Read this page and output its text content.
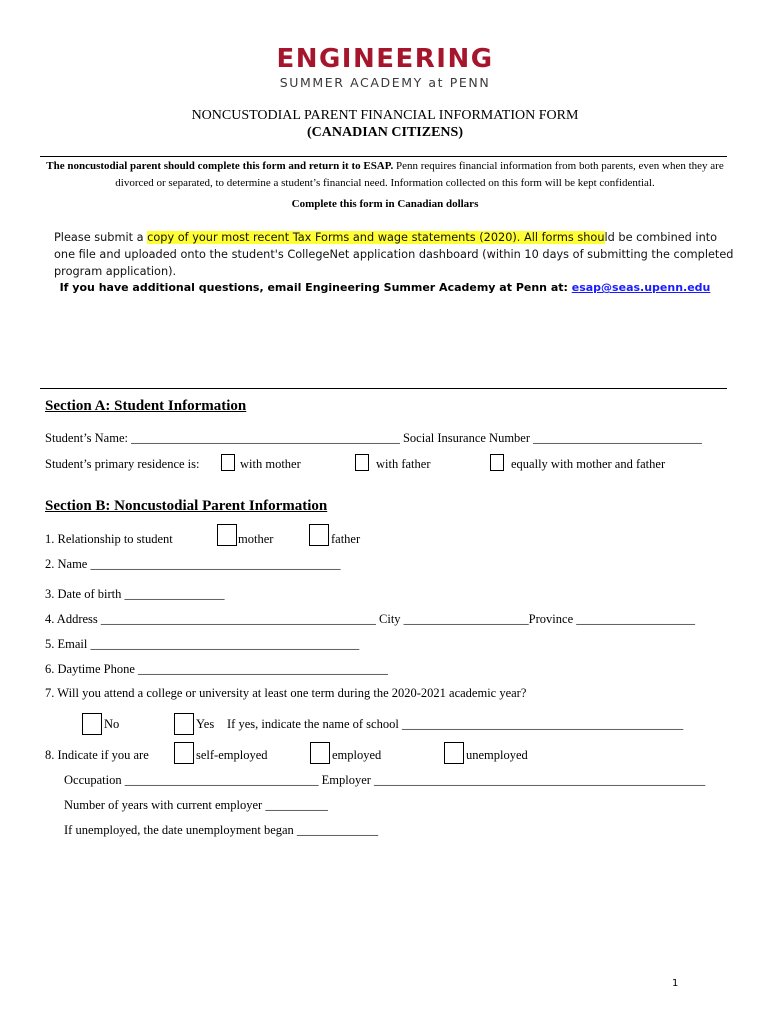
ENGINEERING
SUMMER ACADEMY at PENN
NONCUSTODIAL PARENT FINANCIAL INFORMATION FORM
(CANADIAN CITIZENS)
The noncustodial parent should complete this form and return it to ESAP. Penn requires financial information from both parents, even when they are divorced or separated, to determine a student’s financial need. Information collected on this form will be kept confidential.
Complete this form in Canadian dollars
Please submit a copy of your most recent Tax Forms and wage statements (2020). All forms should be combined into one file and uploaded onto the student's CollegeNet application dashboard (within 10 days of submitting the completed program application).
If you have additional questions, email Engineering Summer Academy at Penn at: esap@seas.upenn.edu
Section A: Student Information
Student’s Name: ___________________________________________ Social Insurance Number ___________________________
Student’s primary residence is:	with mother	with father	equally with mother and father
Section B: Noncustodial Parent Information
1. Relationship to student	mother	father
2. Name ________________________________________
3. Date of birth ________________
4. Address ____________________________________________ City ____________________Province ___________________
5. Email ___________________________________________
6. Daytime Phone ________________________________________
7. Will you attend a college or university at least one term during the 2020-2021 academic year?
No	Yes If yes, indicate the name of school _____________________________________________
8. Indicate if you are	self-employed	employed	unemployed
Occupation _______________________________ Employer _____________________________________________________
Number of years with current employer __________
If unemployed, the date unemployment began _____________
1
